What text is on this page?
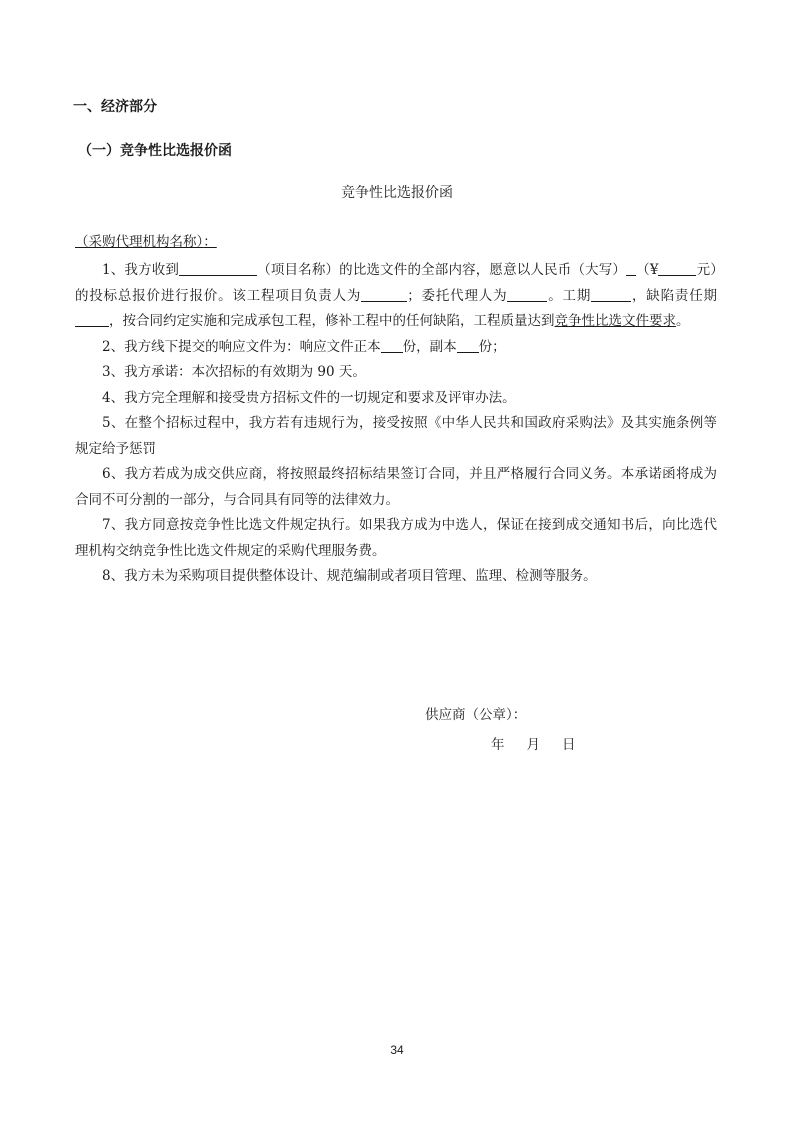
一、经济部分
（一）竞争性比选报价函
竞争性比选报价函
（采购代理机构名称）：

1、我方收到	（项目名称）的比选文件的全部内容，愿意以人民币（大写） （¥	元）的投标总报价进行报价。该工程项目负责人为	；委托代理人为	。工期	，缺陷责任期，按合同约定实施和完成承包工程，修补工程中的任何缺陷，工程质量达到竞争性比选文件要求。

2、我方线下提交的响应文件为：响应文件正本 份，副本 份；

3、我方承诺：本次招标的有效期为 90 天。

4、我方完全理解和接受贵方招标文件的一切规定和要求及评审办法。

5、在整个招标过程中，我方若有违规行为，接受按照《中华人民共和国政府采购法》及其实施条例等规定给予惩罚

6、我方若成为成交供应商，将按照最终招标结果签订合同，并且严格履行合同义务。本承诺函将成为合同不可分割的一部分，与合同具有同等的法律效力。

7、我方同意按竞争性比选文件规定执行。如果我方成为中选人，保证在接到成交通知书后，向比选代理机构交纳竞争性比选文件规定的采购代理服务费。

8、我方未为采购项目提供整体设计、规范编制或者项目管理、监理、检测等服务。

供应商（公章）：
年 月 日
34
